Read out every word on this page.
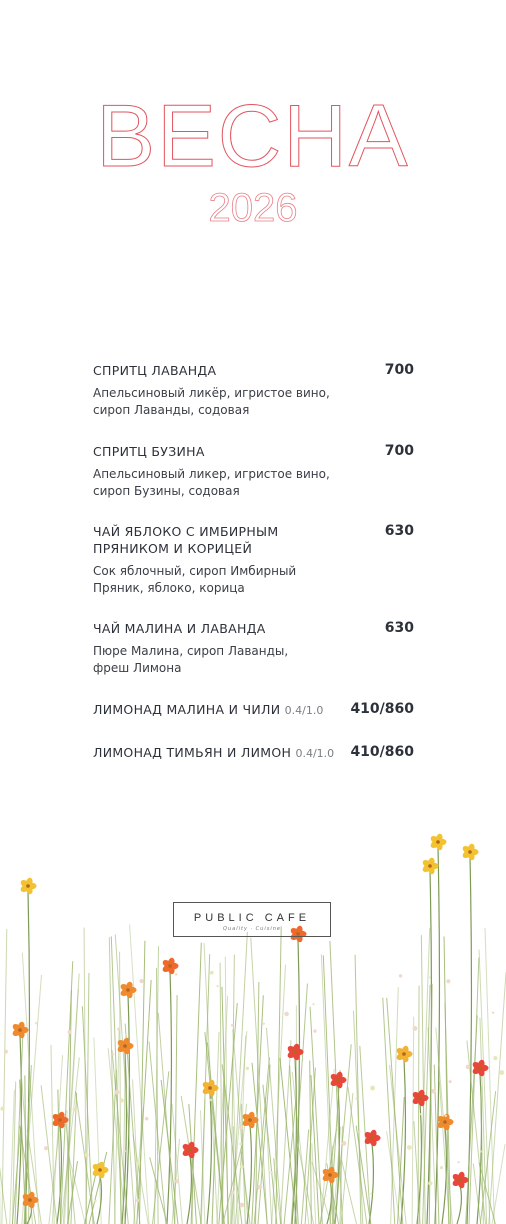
ВЕСНА
2026
СПРИТЦ ЛАВАНДА	700
Апельсиновый ликёр, игристое вино,
сироп Лаванды, содовая
СПРИТЦ БУЗИНА	700
Апельсиновый ликер, игристое вино,
сироп Бузины, содовая
ЧАЙ ЯБЛОКО С ИМБИРНЫМ
ПРЯНИКОМ И КОРИЦЕЙ
630
Сок яблочный, сироп Имбирный
Пряник, яблоко, корица
ЧАЙ МАЛИНА И ЛАВАНДА	630
Пюре Малина, сироп Лаванды,
фреш Лимона
ЛИМОНАД МАЛИНА И ЧИЛИ 0.4/1.0	410/860
ЛИМОНАД ТИМЬЯН И ЛИМОН 0.4/1.0	410/860
PUBLIC CAFE
Quality · Cuisine
